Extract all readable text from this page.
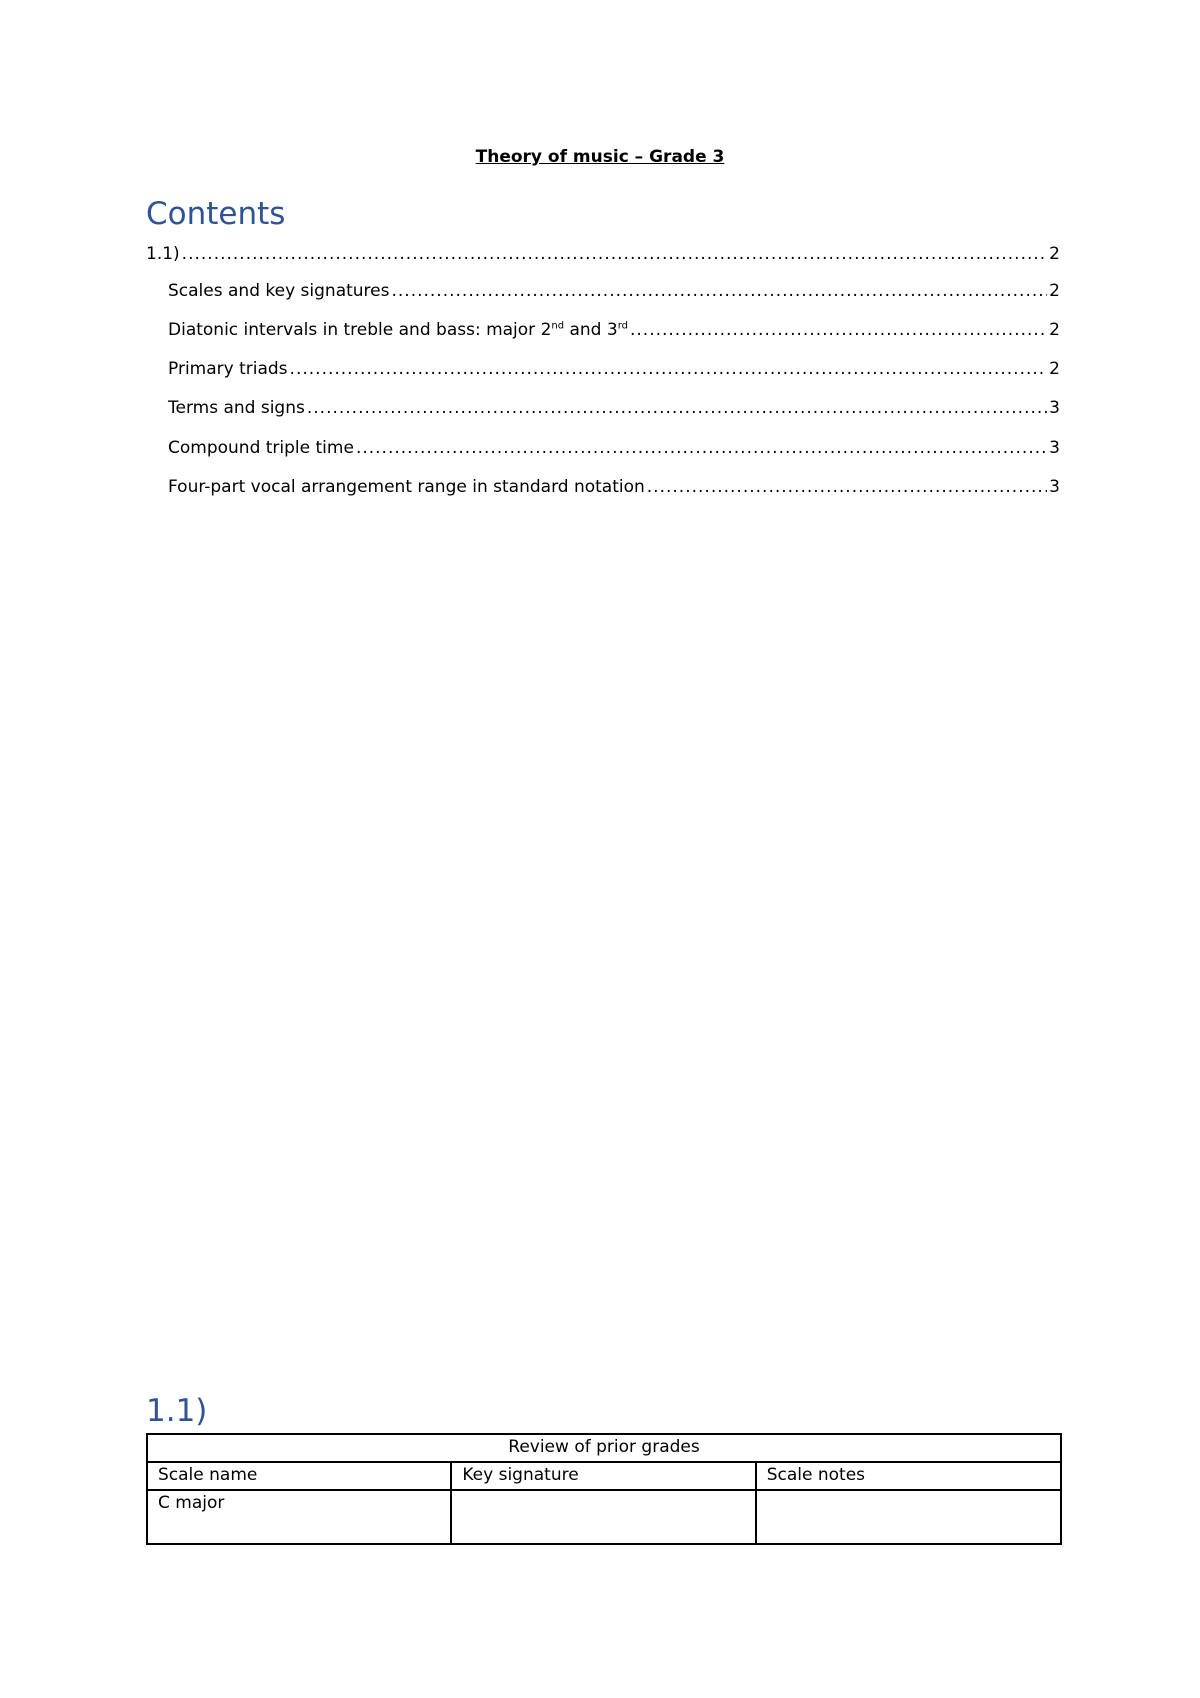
Theory of music – Grade 3
Contents
1.1) .....	2
Scales and key signatures .....	2
Diatonic intervals in treble and bass: major 2nd and 3rd .....	2
Primary triads .....	2
Terms and signs .....	3
Compound triple time .....	3
Four-part vocal arrangement range in standard notation .....	3
1.1)
Review of prior grades		
Scale name	Key signature	Scale notes
C major		
